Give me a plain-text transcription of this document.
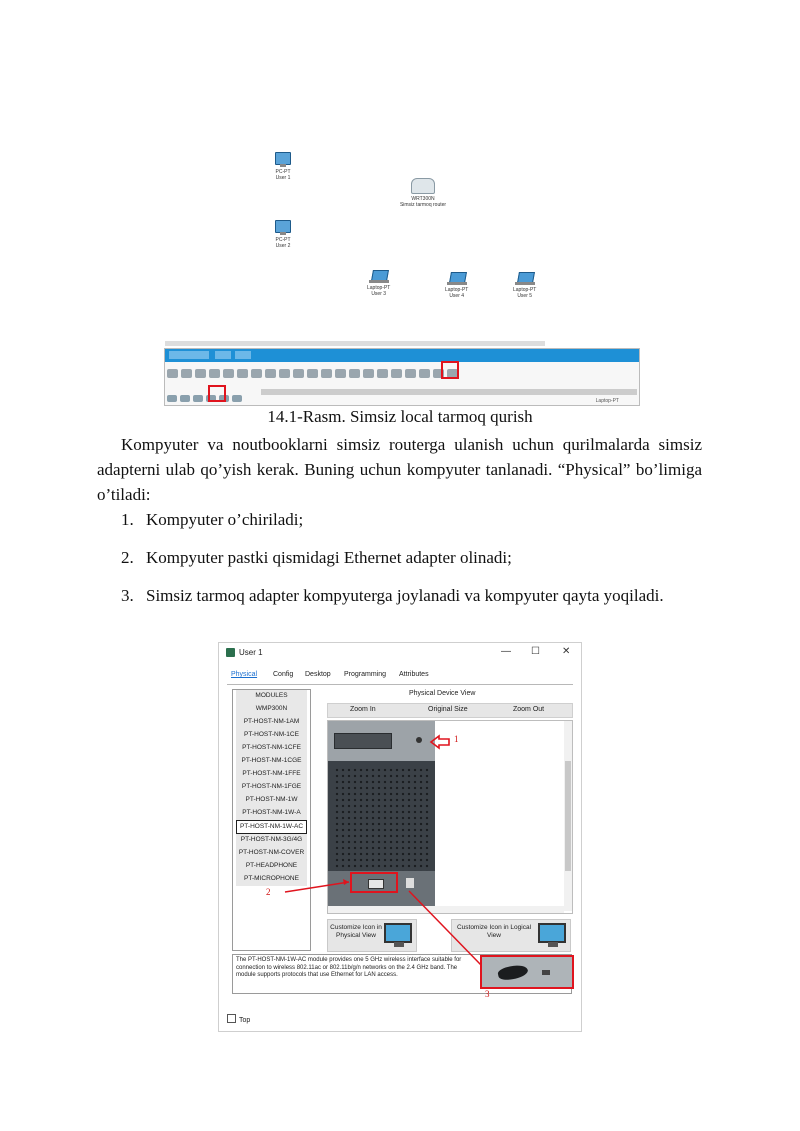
PC-PT
User 1
WRT300N
Simsiz tarmoq router
PC-PT
User 2
Laptop-PT
User 3
Laptop-PT
User 4
Laptop-PT
User 5
Laptop-PT
14.1-Rasm. Simsiz local tarmoq qurish
Kompyuter va noutbooklarni simsiz routerga ulanish uchun qurilmalarda simsiz adapterni ulab qo’yish kerak. Buning uchun kompyuter tanlanadi. “Physical” bo’limiga o’tiladi:
1. Kompyuter o’chiriladi;
2. Kompyuter pastki qismidagi Ethernet adapter olinadi;
3. Simsiz tarmoq adapter kompyuterga joylanadi va kompyuter qayta yoqiladi.
User 1	— ☐ ✕
Physical Config Desktop Programming Attributes
MODULES
WMP300N
PT-HOST-NM-1AM
PT-HOST-NM-1CE
PT-HOST-NM-1CFE
PT-HOST-NM-1CGE
PT-HOST-NM-1FFE
PT-HOST-NM-1FGE
PT-HOST-NM-1W
PT-HOST-NM-1W-A
PT-HOST-NM-1W-AC
PT-HOST-NM-3G/4G
PT-HOST-NM-COVER
PT-HEADPHONE
PT-MICROPHONE
Physical Device View
Zoom In	Original Size	Zoom Out
Customize Icon in Physical View
Customize Icon in Logical View
The PT-HOST-NM-1W-AC module provides one 5 GHz wireless interface suitable for connection to wireless 802.11ac or 802.11b/g/n networks on the 2.4 GHz band. The module supports protocols that use Ethernet for LAN access.
Top
1
2
3
